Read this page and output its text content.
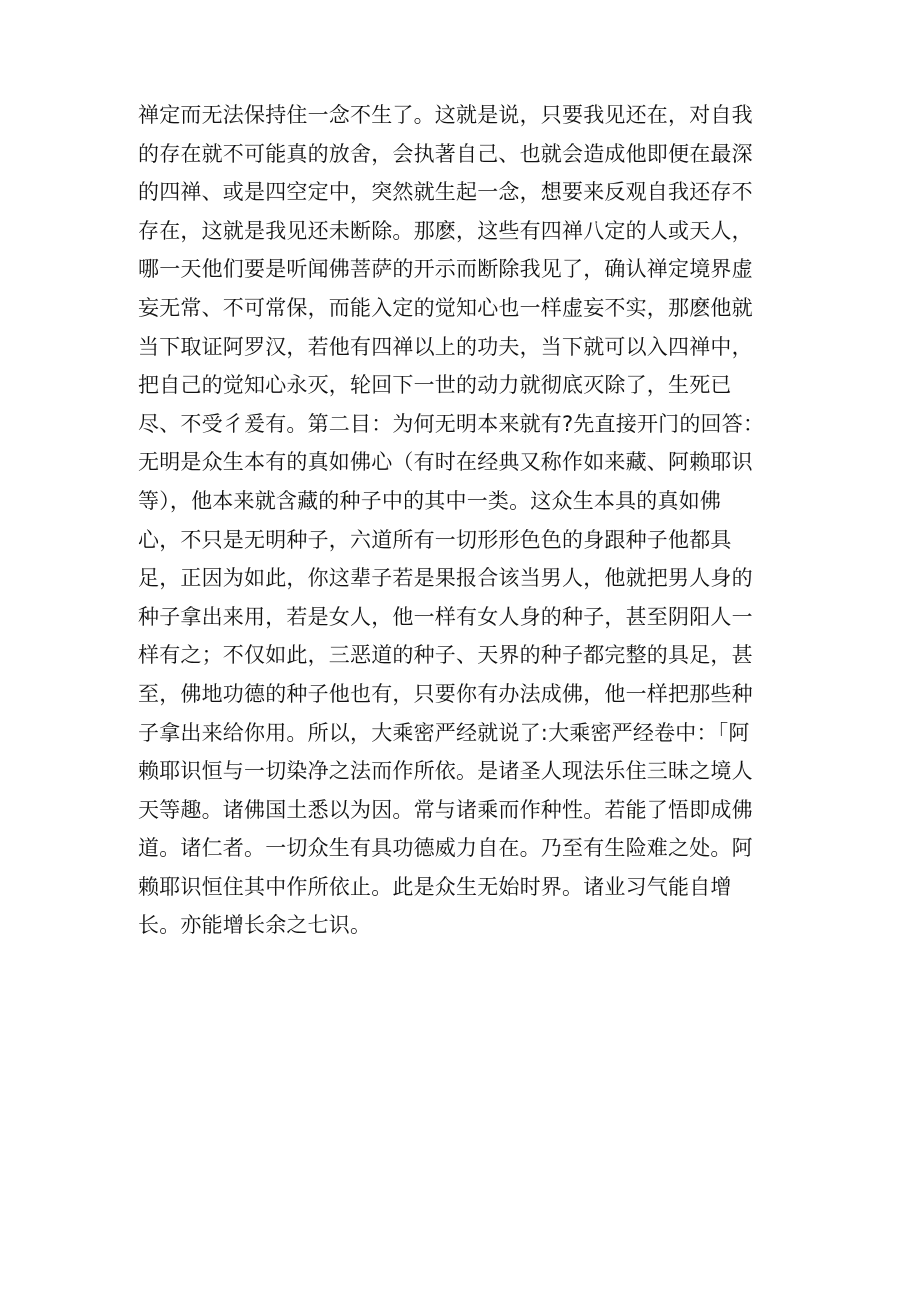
禅定而无法保持住一念不生了。这就是说，只要我见还在，对自我
的存在就不可能真的放舍，会执著自己、也就会造成他即便在最深
的四禅、或是四空定中，突然就生起一念，想要来反观自我还存不
存在，这就是我见还未断除。那麽，这些有四禅八定的人或天人，
哪一天他们要是听闻佛菩萨的开示而断除我见了，确认禅定境界虚
妄无常、不可常保，而能入定的觉知心也一样虚妄不实，那麽他就
当下取证阿罗汉，若他有四禅以上的功夫，当下就可以入四禅中，
把自己的觉知心永灭，轮回下一世的动力就彻底灭除了，生死已
尽、不受彳爰有。第二目：为何无明本来就有?先直接开门的回答：
无明是众生本有的真如佛心（有时在经典又称作如来藏、阿赖耶识
等），他本来就含藏的种子中的其中一类。这众生本具的真如佛
心，不只是无明种子，六道所有一切形形色色的身跟种子他都具
足，正因为如此，你这辈子若是果报合该当男人，他就把男人身的
种子拿出来用，若是女人，他一样有女人身的种子，甚至阴阳人一
样有之；不仅如此，三恶道的种子、天界的种子都完整的具足，甚
至，佛地功德的种子他也有，只要你有办法成佛，他一样把那些种
子拿出来给你用。所以，大乘密严经就说了:大乘密严经卷中：「阿
赖耶识恒与一切染净之法而作所依。是诸圣人现法乐住三昧之境人
天等趣。诸佛国土悉以为因。常与诸乘而作种性。若能了悟即成佛
道。诸仁者。一切众生有具功德威力自在。乃至有生险难之处。阿
赖耶识恒住其中作所依止。此是众生无始时界。诸业习气能自增
长。亦能增长余之七识。
